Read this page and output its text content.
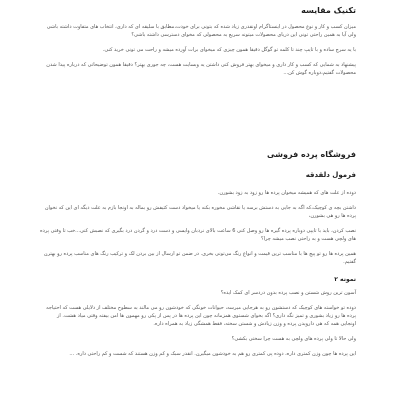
تکنیک مقایسه

میزان کسب و کار و نوع محصول در اینستاگرام اونقدری زیاد شده که بتونی برای خودت،مطابق با سلیقه ای که داری، انتخاب های متفاوت داشته باشی ولی آیا به همین راحتی تونی این دریای محصولات میتونه سریع به محصولی که مخوای دسترسی داشته باشی؟

با یه سرچ ساده و با تایپ چند تا کلمه تو گوگل دقیقا همون چیزی که میخوای برات آورده میشه و راحت می تونی خرید کنی.

پیشنهاد به شمایی که کسب و کار داری و میخوای بهتر فروش کنی داشتن یه وبسایت هست، چه جوری بهتر؟ دقیقا همون توضیحاتی که درباره پیدا شدن محصولات گفتیم،دوباره گوش کن...

فروشگاه پرده فروشی
فرمول دلقدقه

دوده از علت های که همیشه میخوان پرده ها رو زود به زود بشورن.

داشتن بچه ی کوچیک،که اگه به جایی به دستش برسه یا نقاشی مخوره بکنه یا میخواد دست کثیفش رو بماله به اونجا بازم به علت دیگه ای این که نخوان پرده ها رو هی بشورن،

نصب کردن، باید با تایپی دوباره پرده گیره ها رو وصل کنی 6 ساعت بالای نردبان وایسی و دست درد و گردن درد بگیری که نصبش کنی...خب تا وقتی پرده های ولچی هست و به راحتی نصب میشه چرا؟

همین پرده ها رو تو پیچ ها با مناسب ترین قیمت و انواع رنگ می‌تونی بخری. در ضمن تو ارسال از بین بردن لک و ترکیب رنگ های مناسب پرده رو بهترن گفتیم.

نمونه ۲

آسون ترین روش شستن و نصب پرده بدون دردسر ای کمک ایده؟

دوده تو خواسته های کوچیک که دستشون رو به هرجایی میرسه، حیوانات خونگی که خودشون رو می مالند به سطوح مختلف از دلایلی هست که احتیاجه پرده ها رو زیاد بشوری و تمیز نگه داری؟ اگه بخوای شستوی همزمانه چون این پرده ها در پس از پکی رو مهمون ها امن بیفته وقتی میاد هشت. از اونجایی همه که هی دارویدن پرده و وزن زیادش و شستن سخته، فقط همشگی زیاد به همراه داره.

ولی حالا تا ولی پرده های ولچی به هست چرا سختی بکشی؟

این پرده ها چون وزن کمتری داره، دوده پی کمتری رو هم به خودشون میگیرن. انقدر سبک و کم وزن هستند که شست و کم راحتی داره. ...
